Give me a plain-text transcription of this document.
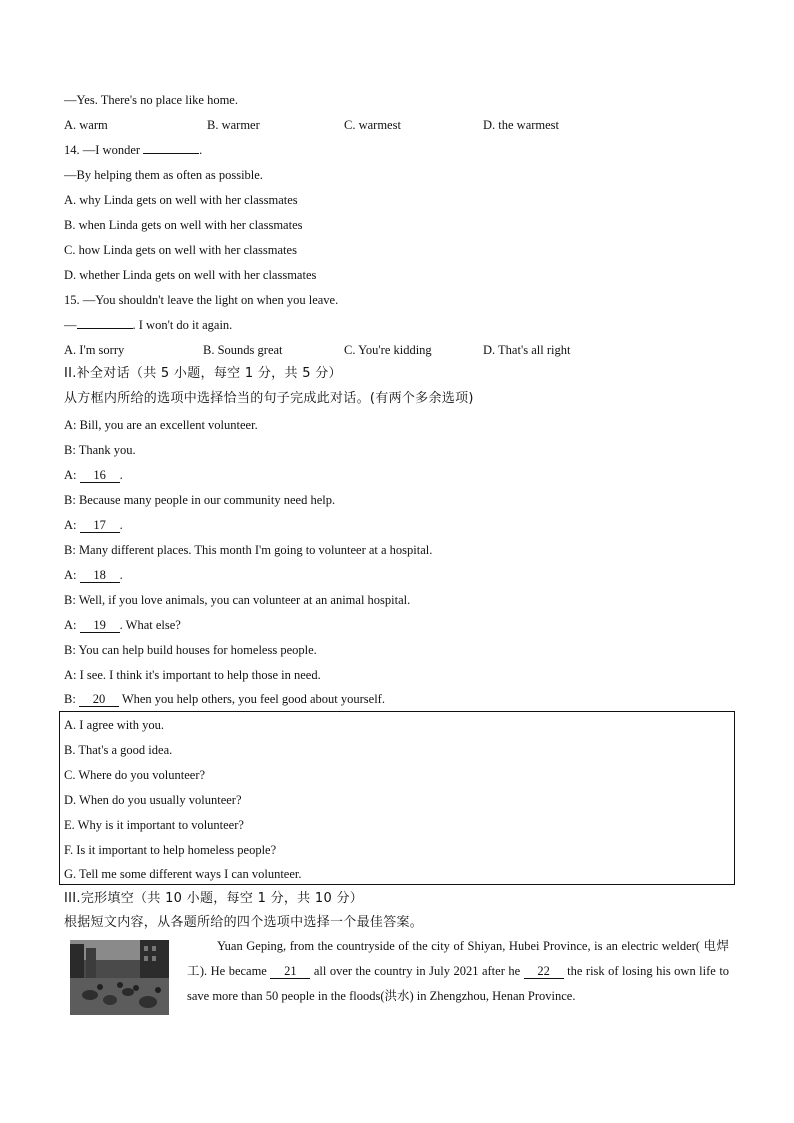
—Yes. There's no place like home.
A. warm	B. warmer	C. warmest	D. the warmest
14. —I wonder	.
—By helping them as often as possible.
A. why Linda gets on well with her classmates
B. when Linda gets on well with her classmates
C. how Linda gets on well with her classmates
D. whether Linda gets on well with her classmates
15. —You shouldn't leave the light on when you leave.
—	. I won't do it again.
A. I'm sorry	B. Sounds great	C. You're kidding	D. That's all right
II.补全对话（共 5 小题，每空 1 分，共 5 分）
从方框内所给的选项中选择恰当的句子完成此对话。(有两个多余选项)
A: Bill, you are an excellent volunteer.
B: Thank you.
A: 16 .
B: Because many people in our community need help.
A: 17 .
B: Many different places. This month I'm going to volunteer at a hospital.
A: 18 .
B: Well, if you love animals, you can volunteer at an animal hospital.
A: 19 . What else?
B: You can help build houses for homeless people.
A: I see. I think it's important to help those in need.
B: 20 When you help others, you feel good about yourself.
A. I agree with you.
B. That's a good idea.
C. Where do you volunteer?
D. When do you usually volunteer?
E. Why is it important to volunteer?
F. Is it important to help homeless people?
G. Tell me some different ways I can volunteer.
III.完形填空（共 10 小题，每空 1 分，共 10 分）
根据短文内容，从各题所给的四个选项中选择一个最佳答案。
Yuan Geping, from the countryside of the city of Shiyan, Hubei Province, is an electric welder( 电焊工). He became 21 all over the country in July 2021 after he 22 the risk of losing his own life to save more than 50 people in the floods(洪水) in Zhengzhou, Henan Province.
